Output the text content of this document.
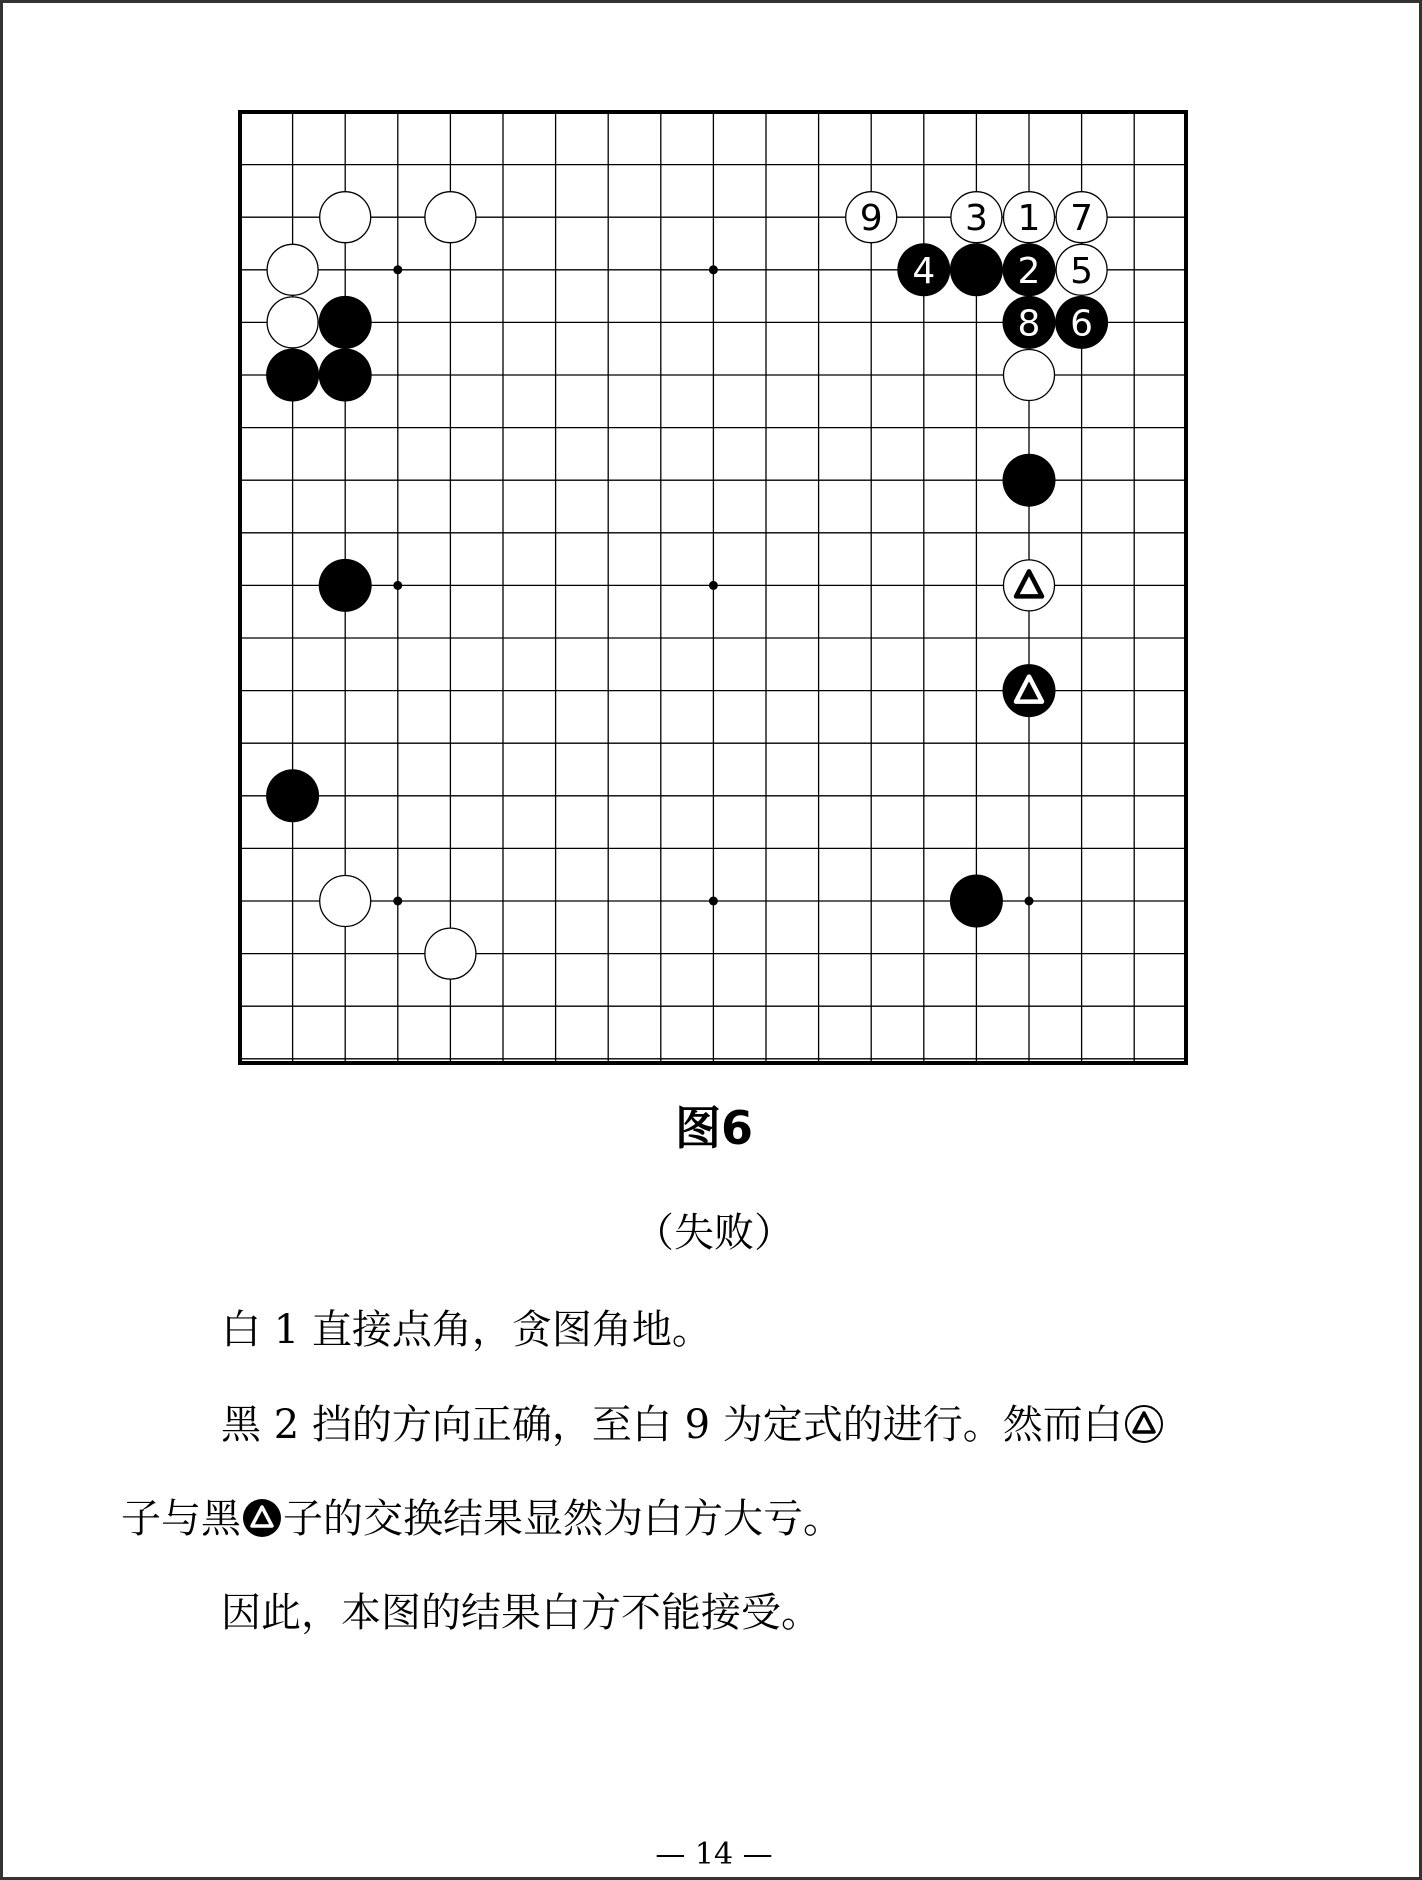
9 3 1 7
4 2 5
8 6
图6
（失败）
白 1 直接点角，贪图角地。
黑 2 挡的方向正确，至白 9 为定式的进行。然而白
子与黑 子的交换结果显然为白方大亏。
因此，本图的结果白方不能接受。
— 14 —
